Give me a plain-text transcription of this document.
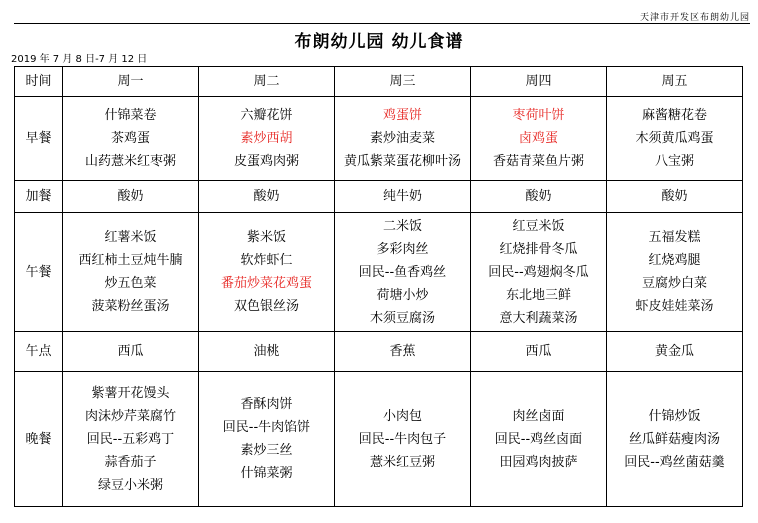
天津市开发区布朗幼儿园
布朗幼儿园 幼儿食谱
2019 年 7 月 8 日-7 月 12 日
时间	周一	周二	周三	周四	周五
早餐	什锦菜卷
茶鸡蛋
山药薏米红枣粥	六瓣花饼
素炒西胡
皮蛋鸡肉粥	鸡蛋饼
素炒油麦菜
黄瓜紫菜蛋花柳叶汤	枣荷叶饼
卤鸡蛋
香菇青菜鱼片粥	麻酱糖花卷
木须黄瓜鸡蛋
八宝粥

加餐	酸奶	酸奶	纯牛奶	酸奶	酸奶

午餐	红薯米饭
西红柿土豆炖牛腩
炒五色菜
菠菜粉丝蛋汤	紫米饭
软炸虾仁
番茄炒菜花鸡蛋
双色银丝汤	二米饭
多彩肉丝
回民--鱼香鸡丝
荷塘小炒
木须豆腐汤	红豆米饭
红烧排骨冬瓜
回民--鸡翅焖冬瓜
东北地三鲜
意大利蔬菜汤	五福发糕
红烧鸡腿
豆腐炒白菜
虾皮娃娃菜汤

午点	西瓜	油桃	香蕉	西瓜	黄金瓜

晚餐	紫薯开花馒头
肉沫炒芹菜腐竹
回民--五彩鸡丁
蒜香茄子
绿豆小米粥	香酥肉饼
回民--牛肉馅饼
素炒三丝
什锦菜粥	小肉包
回民--牛肉包子
薏米红豆粥	肉丝卤面
回民--鸡丝卤面
田园鸡肉披萨	什锦炒饭
丝瓜鲜菇瘦肉汤
回民--鸡丝菌菇羹
